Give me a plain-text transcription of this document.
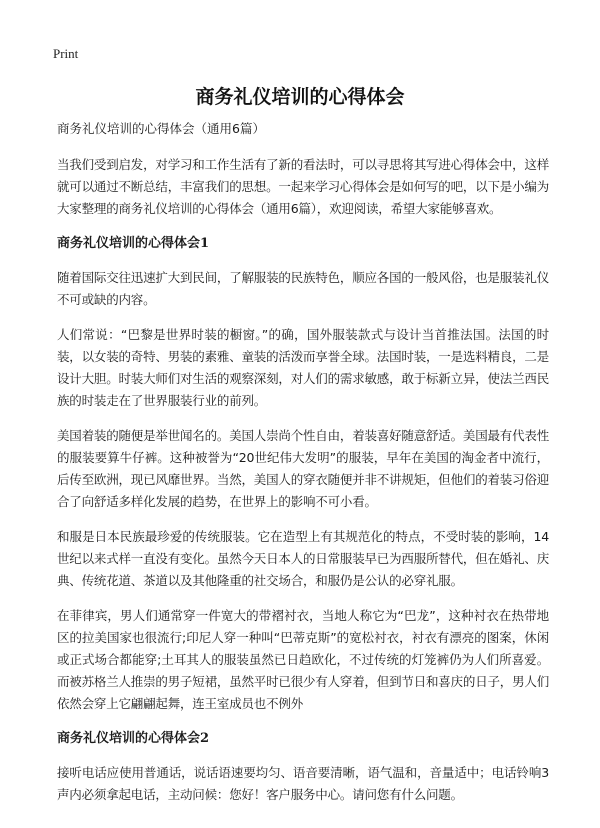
Print
商务礼仪培训的心得体会
商务礼仪培训的心得体会（通用6篇）
当我们受到启发，对学习和工作生活有了新的看法时，可以寻思将其写进心得体会中，这样就可以通过不断总结，丰富我们的思想。一起来学习心得体会是如何写的吧，以下是小编为大家整理的商务礼仪培训的心得体会（通用6篇），欢迎阅读，希望大家能够喜欢。
商务礼仪培训的心得体会1
随着国际交往迅速扩大到民间，了解服装的民族特色，顺应各国的一般风俗，也是服装礼仪不可或缺的内容。
人们常说：“巴黎是世界时装的橱窗。”的确，国外服装款式与设计当首推法国。法国的时装，以女装的奇特、男装的素雅、童装的活泼而享誉全球。法国时装，一是选料精良，二是设计大胆。时装大师们对生活的观察深刻，对人们的需求敏感，敢于标新立异，使法兰西民族的时装走在了世界服装行业的前列。
美国着装的随便是举世闻名的。美国人崇尚个性自由，着装喜好随意舒适。美国最有代表性的服装要算牛仔裤。这种被誉为“20世纪伟大发明”的服装，早年在美国的淘金者中流行，后传至欧洲，现已风靡世界。当然，美国人的穿衣随便并非不讲规矩，但他们的着装习俗迎合了向舒适多样化发展的趋势，在世界上的影响不可小看。
和服是日本民族最珍爱的传统服装。它在造型上有其规范化的特点，不受时装的影响，14世纪以来式样一直没有变化。虽然今天日本人的日常服装早已为西服所替代，但在婚礼、庆典、传统花道、茶道以及其他隆重的社交场合，和服仍是公认的必穿礼服。
在菲律宾，男人们通常穿一件宽大的带褶衬衣，当地人称它为“巴龙”，这种衬衣在热带地区的拉美国家也很流行;印尼人穿一种叫“巴蒂克斯”的宽松衬衣，衬衣有漂亮的图案，休闲或正式场合都能穿;土耳其人的服装虽然已日趋欧化，不过传统的灯笼裤仍为人们所喜爱。而被苏格兰人推崇的男子短裙，虽然平时已很少有人穿着，但到节日和喜庆的日子，男人们依然会穿上它翩翩起舞，连王室成员也不例外
商务礼仪培训的心得体会2
接听电话应使用普通话，说话语速要均匀、语音要清晰，语气温和，音量适中；电话铃响3声内必须拿起电话，主动问候：您好！客户服务中心。请问您有什么问题。
